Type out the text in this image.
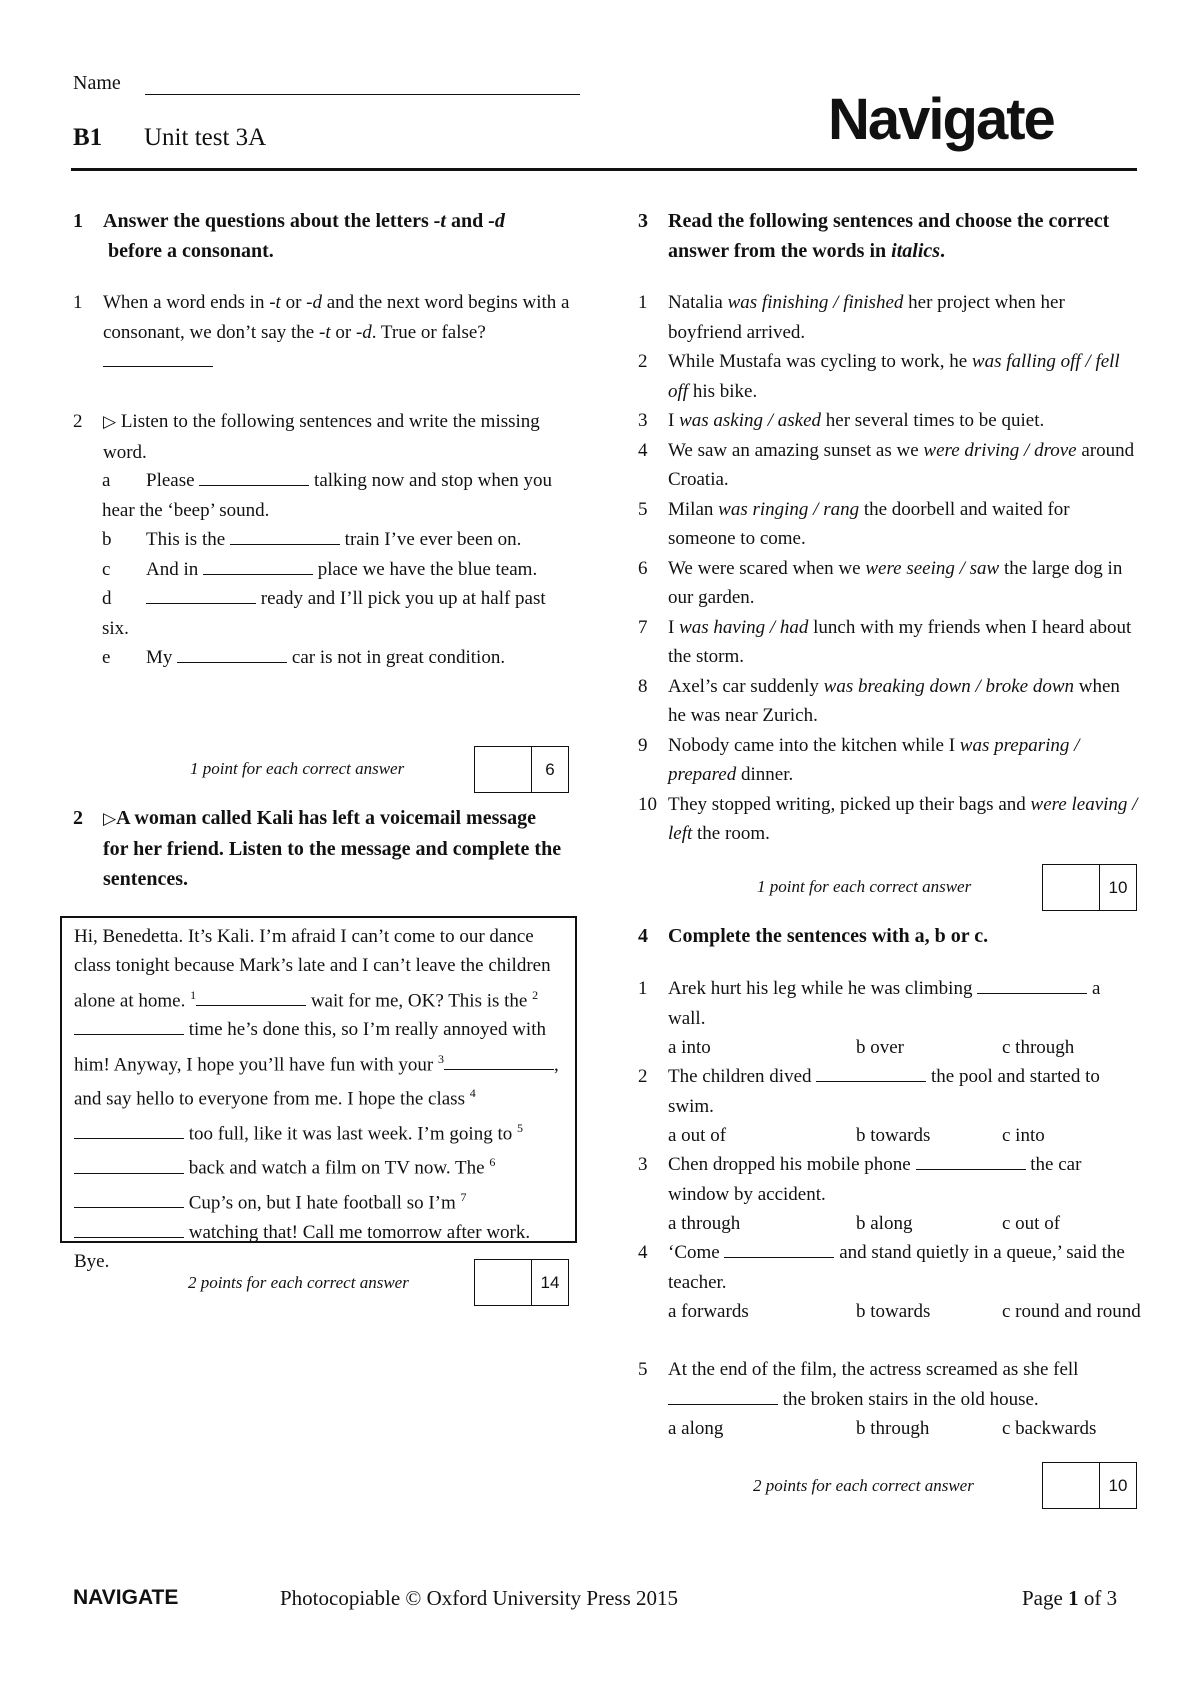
Name
B1 Unit test 3A	Navigate
1 Answer the questions about the letters -t and -d
before a consonant.
1	When a word ends in -t or -d and the next word begins with a consonant, we don’t say the -t or -d. True or false?
2	▷ Listen to the following sentences and write the missing word.
a Please	talking now and stop when you hear the ‘beep’ sound.
b This is the	train I’ve ever been on.
c And in	place we have the blue team.
d	ready and I’ll pick you up at half past six.
e My	car is not in great condition.
1 point for each correct answer	6
2	▷A woman called Kali has left a voicemail message for her friend. Listen to the message and complete the sentences.
Hi, Benedetta. It’s Kali. I’m afraid I can’t come to our dance class tonight because Mark’s late and I can’t leave the children alone at home. $^1$	wait for me, OK? This is the $^2$ time he’s done this, so I’m really annoyed with him! Anyway, I hope you’ll have fun with your $^3$	, and say hello to everyone from me. I hope the class $^4$ too full, like it was last week. I’m going to $^5$ back and watch a film on TV now. The $^6$ Cup’s on, but I hate football so I’m $^7$ watching that! Call me tomorrow after work. Bye.
2 points for each correct answer	14
3	Read the following sentences and choose the correct answer from the words in italics.
1	Natalia was finishing / finished her project when her boyfriend arrived.
2	While Mustafa was cycling to work, he was falling off / fell off his bike.
3	I was asking / asked her several times to be quiet.
4	We saw an amazing sunset as we were driving / drove around Croatia.
5	Milan was ringing / rang the doorbell and waited for someone to come.
6	We were scared when we were seeing / saw the large dog in our garden.
7	I was having / had lunch with my friends when I heard about the storm.
8	Axel’s car suddenly was breaking down / broke down when he was near Zurich.
9	Nobody came into the kitchen while I was preparing / prepared dinner.
10 They stopped writing, picked up their bags and were leaving / left the room.
1 point for each correct answer	10
4 Complete the sentences with a, b or c.
1	Arek hurt his leg while he was climbing	a wall.
a into	b over	c through
2	The children dived	the pool and started to swim.
a out of	b towards	c into
3	Chen dropped his mobile phone	the car window by accident.
a through	b along	c out of
4	‘Come	and stand quietly in a queue,’ said the teacher.
a forwards	b towards	c round and round
5	At the end of the film, the actress screamed as she fell  the broken stairs in the old house.
a along	b through	c backwards
2 points for each correct answer	10
NAVIGATE	Photocopiable © Oxford University Press 2015	Page 1 of 3
